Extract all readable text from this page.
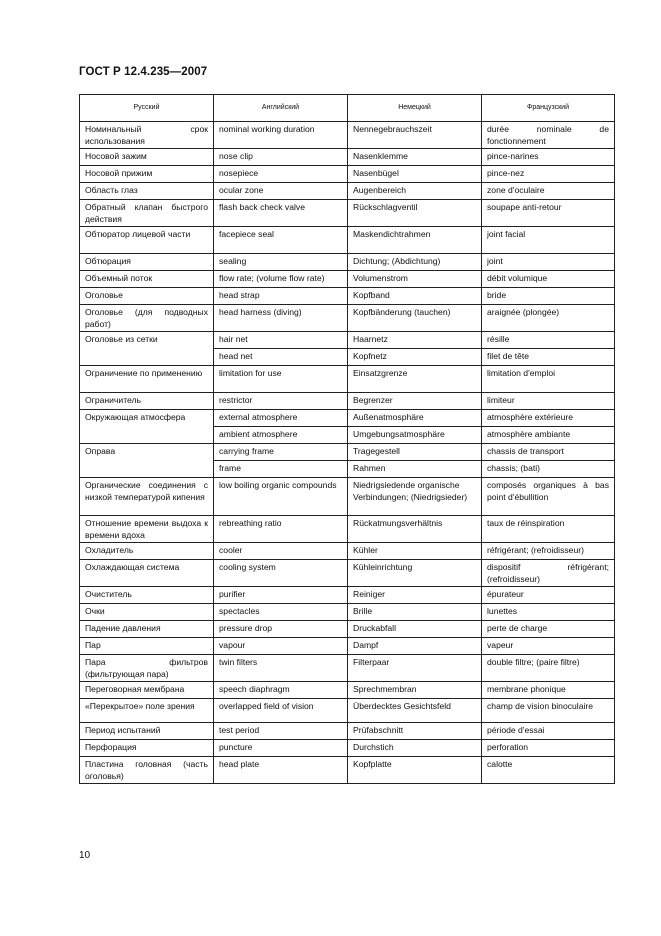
ГОСТ Р 12.4.235—2007
Русский	Английский	Немецкий	Французский
Номинальный срок использования	nominal working duration	Nennegebrauchszeit	durée nominale de fonctionnement
Носовой зажим	nose clip	Nasenklemme	pince-narines
Носовой прижим	nosepiece	Nasenbügel	pince-nez
Область глаз	ocular zone	Augenbereich	zone d'oculaire
Обратный клапан быстрого действия	flash back check valve	Rückschlagventil	soupape anti-retour
Обтюратор лицевой части	facepiece seal	Maskendichtrahmen	joint facial
Обтюрация	sealing	Dichtung; (Abdichtung)	joint
Объемный поток	flow rate; (volume flow rate)	Volumenstrom	débit volumique
Оголовье	head strap	Kopfband	bride
Оголовье (для подводных работ)	head harness (diving)	Kopfbänderung (tauchen)	araignée (plongée)
Оголовье из сетки	hair net	Haarnetz	résille
	head net	Kopfnetz	filet de tête
Ограничение по применению	limitation for use	Einsatzgrenze	limitation d'emploi
Ограничитель	restrictor	Begrenzer	limiteur
Окружающая атмосфера	external atmosphere	Außenatmosphäre	atmosphère extérieure
	ambient atmosphere	Umgebungsatmosphäre	atmosphère ambiante
Оправа	carrying frame	Tragegestell	chassis de transport
	frame	Rahmen	chassis; (bati)
Органические соединения с низкой температурой кипения	low boiling organic compounds	Niedrigsiedende organische Verbindungen; (Niedrigsieder)	composés organiques à bas point d'ébullition
Отношение времени выдоха к времени вдоха	rebreathing ratio	Rückatmungsverhältnis	taux de réinspiration
Охладитель	cooler	Kühler	réfrigérant; (refroidisseur)
Охлаждающая система	cooling system	Kühleinrichtung	dispositif réfrigérant; (refroidisseur)
Очиститель	purifier	Reiniger	épurateur
Очки	spectacles	Brille	lunettes
Падение давления	pressure drop	Druckabfall	perte de charge
Пар	vapour	Dampf	vapeur
Пара фильтров (фильтрующая пара)	twin filters	Filterpaar	double filtre; (paire filtre)
Переговорная мембрана	speech diaphragm	Sprechmembran	membrane phonique
«Перекрытое» поле зрения	overlapped field of vision	Überdecktes Gesichtsfeld	champ de vision binoculaire
Период испытаний	test period	Prüfabschnitt	période d'essai
Перфорация	puncture	Durchstich	perforation
Пластина головная (часть оголовья)	head plate	Kopfplatte	calotte
10
